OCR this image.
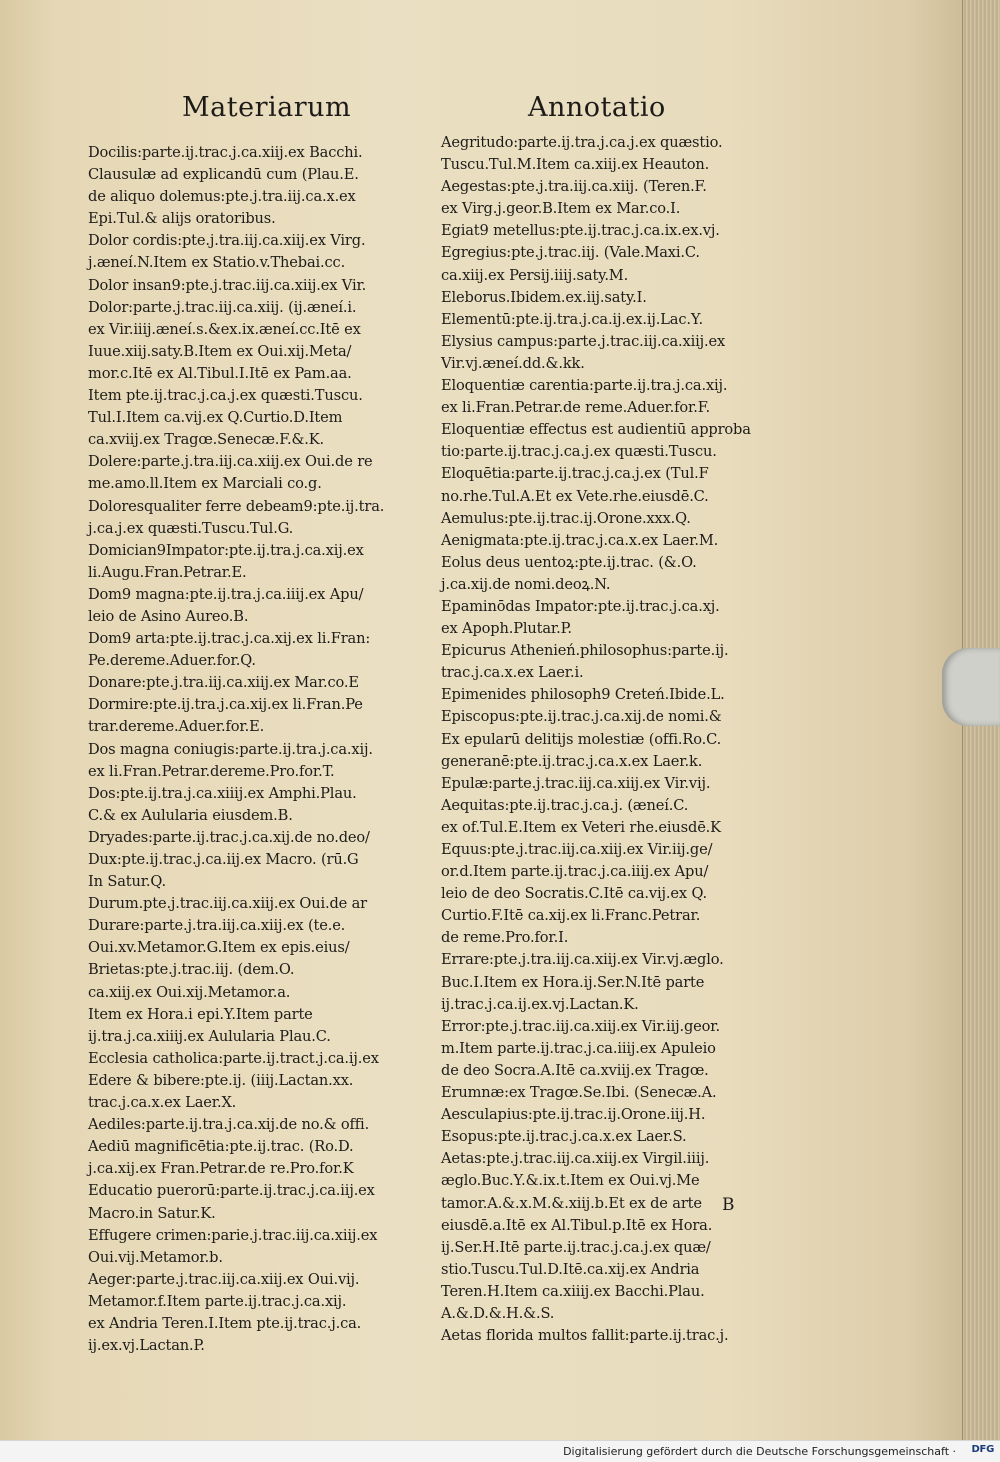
Materiarum	Annotatio
Docilis:parte.ij.trac.j.ca.xiij.ex Bacchi.
Clausulæ ad explicandū cum (Plau.E.
de aliquo dolemus:pte.j.tra.iij.ca.x.ex
Epi.Tul.& alijs oratoribus.
Dolor cordis:pte.j.tra.iij.ca.xiij.ex Virg.
j.æneí.N.Item ex Statio.v.Thebai.cc.
Dolor insan9:pte.j.trac.iij.ca.xiij.ex Vir.
Dolor:parte.j.trac.iij.ca.xiij. (ij.æneí.i.
ex Vir.iiij.æneí.s.&ex.ix.æneí.cc.Itē ex
Iuue.xiij.saty.B.Item ex Oui.xij.Meta/
mor.c.Itē ex Al.Tibul.I.Itē ex Pam.aa.
Item pte.ij.trac.j.ca.j.ex quæsti.Tuscu.
Tul.I.Item ca.vij.ex Q.Curtio.D.Item
ca.xviij.ex Tragœ.Senecæ.F.&.K.
Dolere:parte.j.tra.iij.ca.xiij.ex Oui.de re
me.amo.ll.Item ex Marciali co.g.
Doloresqualiter ferre debeam9:pte.ij.tra.
j.ca.j.ex quæsti.Tuscu.Tul.G.
Domician9Impator:pte.ij.tra.j.ca.xij.ex
li.Augu.Fran.Petrar.E.
Dom9 magna:pte.ij.tra.j.ca.iiij.ex Apu/
leio de Asino Aureo.B.
Dom9 arta:pte.ij.trac.j.ca.xij.ex li.Fran:
Pe.dereme.Aduer.for.Q.
Donare:pte.j.tra.iij.ca.xiij.ex Mar.co.E
Dormire:pte.ij.tra.j.ca.xij.ex li.Fran.Pe
trar.dereme.Aduer.for.E.
Dos magna coniugis:parte.ij.tra.j.ca.xij.
ex li.Fran.Petrar.dereme.Pro.for.T.
Dos:pte.ij.tra.j.ca.xiiij.ex Amphi.Plau.
C.& ex Aulularia eiusdem.B.
Dryades:parte.ij.trac.j.ca.xij.de no.deo/
Dux:pte.ij.trac.j.ca.iij.ex Macro. (rū.G
In Satur.Q.
Durum.pte.j.trac.iij.ca.xiij.ex Oui.de ar
Durare:parte.j.tra.iij.ca.xiij.ex (te.e.
Oui.xv.Metamor.G.Item ex epis.eius/
Brietas:pte.j.trac.iij. (dem.O.
ca.xiij.ex Oui.xij.Metamor.a.
Item ex Hora.i epi.Y.Item parte
ij.tra.j.ca.xiiij.ex Aulularia Plau.C.
Ecclesia catholica:parte.ij.tract.j.ca.ij.ex
Edere & bibere:pte.ij. (iiij.Lactan.xx.
trac.j.ca.x.ex Laer.X.
Aediles:parte.ij.tra.j.ca.xij.de no.& offi.
Aediū magnificētia:pte.ij.trac. (Ro.D.
j.ca.xij.ex Fran.Petrar.de re.Pro.for.K
Educatio puerorū:parte.ij.trac.j.ca.iij.ex
Macro.in Satur.K.
Effugere crimen:parie.j.trac.iij.ca.xiij.ex
Oui.vij.Metamor.b.
Aeger:parte.j.trac.iij.ca.xiij.ex Oui.vij.
Metamor.f.Item parte.ij.trac.j.ca.xij.
ex Andria Teren.I.Item pte.ij.trac.j.ca.
ij.ex.vj.Lactan.P.
Aegritudo:parte.ij.tra.j.ca.j.ex quæstio.
Tuscu.Tul.M.Item ca.xiij.ex Heauton.
Aegestas:pte.j.tra.iij.ca.xiij. (Teren.F.
ex Virg.j.geor.B.Item ex Mar.co.I.
Egiat9 metellus:pte.ij.trac.j.ca.ix.ex.vj.
Egregius:pte.j.trac.iij. (Vale.Maxi.C.
ca.xiij.ex Persij.iiij.saty.M.
Eleborus.Ibidem.ex.iij.saty.I.
Elementū:pte.ij.tra.j.ca.ij.ex.ij.Lac.Y.
Elysius campus:parte.j.trac.iij.ca.xiij.ex
Vir.vj.æneí.dd.&.kk.
Eloquentiæ carentia:parte.ij.tra.j.ca.xij.
ex li.Fran.Petrar.de reme.Aduer.for.F.
Eloquentiæ effectus est audientiū approba
tio:parte.ij.trac.j.ca.j.ex quæsti.Tuscu.
Eloquētia:parte.ij.trac.j.ca.j.ex (Tul.F
no.rhe.Tul.A.Et ex Vete.rhe.eiusdē.C.
Aemulus:pte.ij.trac.ij.Orone.xxx.Q.
Aenigmata:pte.ij.trac.j.ca.x.ex Laer.M.
Eolus deus uentoꝝ:pte.ij.trac. (&.O.
j.ca.xij.de nomi.deoꝝ.N.
Epaminōdas Impator:pte.ij.trac.j.ca.xj.
ex Apoph.Plutar.P.
Epicurus Athenień.philosophus:parte.ij.
trac.j.ca.x.ex Laer.i.
Epimenides philosoph9 Creteń.Ibide.L.
Episcopus:pte.ij.trac.j.ca.xij.de nomi.&
Ex epularū delitijs molestiæ (offi.Ro.C.
generanē:pte.ij.trac.j.ca.x.ex Laer.k.
Epulæ:parte.j.trac.iij.ca.xiij.ex Vir.vij.
Aequitas:pte.ij.trac.j.ca.j. (æneí.C.
ex of.Tul.E.Item ex Veteri rhe.eiusdē.K
Equus:pte.j.trac.iij.ca.xiij.ex Vir.iij.ge/
or.d.Item parte.ij.trac.j.ca.iiij.ex Apu/
leio de deo Socratis.C.Itē ca.vij.ex Q.
Curtio.F.Itē ca.xij.ex li.Franc.Petrar.
de reme.Pro.for.I.
Errare:pte.j.tra.iij.ca.xiij.ex Vir.vj.æglo.
Buc.I.Item ex Hora.ij.Ser.N.Itē parte
ij.trac.j.ca.ij.ex.vj.Lactan.K.
Error:pte.j.trac.iij.ca.xiij.ex Vir.iij.geor.
m.Item parte.ij.trac.j.ca.iiij.ex Apuleio
de deo Socra.A.Itē ca.xviij.ex Tragœ.
Erumnæ:ex Tragœ.Se.Ibi. (Senecæ.A.
Aesculapius:pte.ij.trac.ij.Orone.iij.H.
Esopus:pte.ij.trac.j.ca.x.ex Laer.S.
Aetas:pte.j.trac.iij.ca.xiij.ex Virgil.iiij.
æglo.Buc.Y.&.ix.t.Item ex Oui.vj.Me
tamor.A.&.x.M.&.xiij.b.Et ex de arte
eiusdē.a.Itē ex Al.Tibul.p.Itē ex Hora.
ij.Ser.H.Itē parte.ij.trac.j.ca.j.ex quæ/
stio.Tuscu.Tul.D.Itē.ca.xij.ex Andria
Teren.H.Item ca.xiiij.ex Bacchi.Plau.
A.&.D.&.H.&.S.
Aetas florida multos fallit:parte.ij.trac.j.
B
Digitalisierung gefördert durch die Deutsche Forschungsgemeinschaft · DFG
